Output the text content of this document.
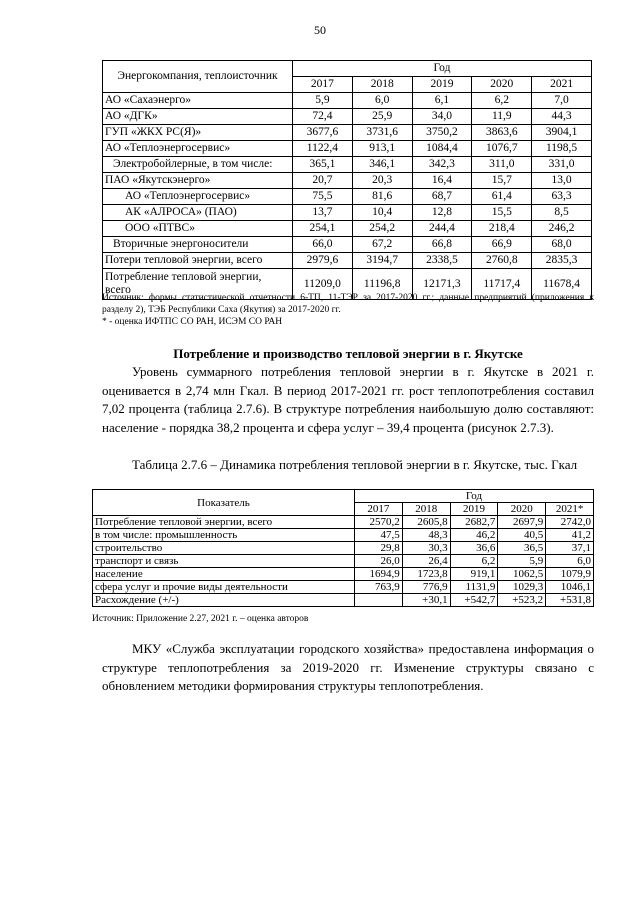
50
Энергокомпания, теплоисточник	Год				
	2017	2018	2019	2020	2021
АО «Сахаэнерго»	5,9	6,0	6,1	6,2	7,0
АО «ДГК»	72,4	25,9	34,0	11,9	44,3
ГУП «ЖКХ РС(Я)»	3677,6	3731,6	3750,2	3863,6	3904,1
АО «Теплоэнергосервис»	1122,4	913,1	1084,4	1076,7	1198,5
Электробойлерные, в том числе:	365,1	346,1	342,3	311,0	331,0
ПАО «Якутскэнерго»	20,7	20,3	16,4	15,7	13,0
АО «Теплоэнергосервис»	75,5	81,6	68,7	61,4	63,3
АК «АЛРОСА» (ПАО)	13,7	10,4	12,8	15,5	8,5
ООО «ПТВС»	254,1	254,2	244,4	218,4	246,2
Вторичные энергоносители	66,0	67,2	66,8	66,9	68,0
Потери тепловой энергии, всего	2979,6	3194,7	2338,5	2760,8	2835,3
Потребление тепловой энергии, всего	11209,0	11196,8	12171,3	11717,4	11678,4
Источник: формы статистической отчетности 6-ТП, 11-ТЭР за 2017-2020 гг.; данные предприятий (приложения к разделу 2), ТЭБ Республики Саха (Якутия) за 2017-2020 гг.
* - оценка ИФТПС СО РАН, ИСЭМ СО РАН
Потребление и производство тепловой энергии в г. Якутске
Уровень суммарного потребления тепловой энергии в г. Якутске в 2021 г. оценивается в 2,74 млн Гкал. В период 2017-2021 гг. рост теплопотребления составил 7,02 процента (таблица 2.7.6). В структуре потребления наибольшую долю составляют: население - порядка 38,2 процента и сфера услуг – 39,4 процента (рисунок 2.7.3).
Таблица 2.7.6 – Динамика потребления тепловой энергии в г. Якутске, тыс. Гкал
Показатель	Год				
	2017	2018	2019	2020	2021*
Потребление тепловой энергии, всего	2570,2	2605,8	2682,7	2697,9	2742,0
в том числе: промышленность	47,5	48,3	46,2	40,5	41,2
строительство	29,8	30,3	36,6	36,5	37,1
транспорт и связь	26,0	26,4	6,2	5,9	6,0
население	1694,9	1723,8	919,1	1062,5	1079,9
сфера услуг и прочие виды деятельности	763,9	776,9	1131,9	1029,3	1046,1
Расхождение (+/-)		+30,1	+542,7	+523,2	+531,8
Источник: Приложение 2.27, 2021 г. – оценка авторов
МКУ «Служба эксплуатации городского хозяйства» предоставлена информация о структуре теплопотребления за 2019-2020 гг. Изменение структуры связано с обновлением методики формирования структуры теплопотребления.
